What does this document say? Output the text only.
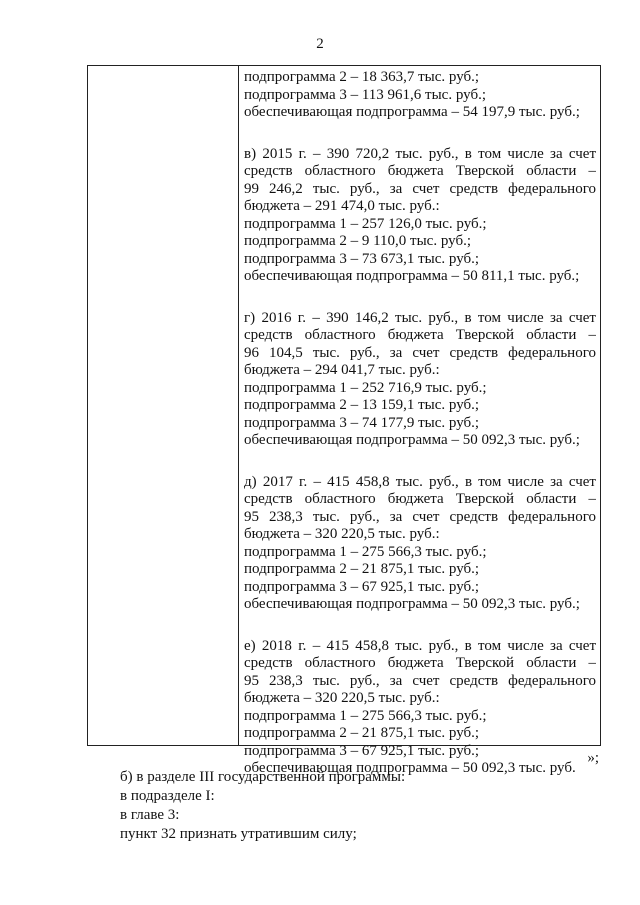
2
подпрограмма 2 – 18 363,7 тыс. руб.;
подпрограмма 3 – 113 961,6 тыс. руб.;
обеспечивающая подпрограмма – 54 197,9 тыс. руб.;
в) 2015 г. – 390 720,2 тыс. руб., в том числе за счет
средств областного бюджета Тверской области –
99 246,2 тыс. руб., за счет средств федерального
бюджета – 291 474,0 тыс. руб.:
подпрограмма 1 – 257 126,0 тыс. руб.;
подпрограмма 2 – 9 110,0 тыс. руб.;
подпрограмма 3 – 73 673,1 тыс. руб.;
обеспечивающая подпрограмма – 50 811,1 тыс. руб.;
г) 2016 г. – 390 146,2 тыс. руб., в том числе за счет
средств областного бюджета Тверской области –
96 104,5 тыс. руб., за счет средств федерального
бюджета – 294 041,7 тыс. руб.:
подпрограмма 1 – 252 716,9 тыс. руб.;
подпрограмма 2 – 13 159,1 тыс. руб.;
подпрограмма 3 – 74 177,9 тыс. руб.;
обеспечивающая подпрограмма – 50 092,3 тыс. руб.;
д) 2017 г. – 415 458,8 тыс. руб., в том числе за счет
средств областного бюджета Тверской области –
95 238,3 тыс. руб., за счет средств федерального
бюджета – 320 220,5 тыс. руб.:
подпрограмма 1 – 275 566,3 тыс. руб.;
подпрограмма 2 – 21 875,1 тыс. руб.;
подпрограмма 3 – 67 925,1 тыс. руб.;
обеспечивающая подпрограмма – 50 092,3 тыс. руб.;
е) 2018 г. – 415 458,8 тыс. руб., в том числе за счет
средств областного бюджета Тверской области –
95 238,3 тыс. руб., за счет средств федерального
бюджета – 320 220,5 тыс. руб.:
подпрограмма 1 – 275 566,3 тыс. руб.;
подпрограмма 2 – 21 875,1 тыс. руб.;
подпрограмма 3 – 67 925,1 тыс. руб.;
обеспечивающая подпрограмма – 50 092,3 тыс. руб.
»;
б) в разделе III государственной программы:
в подразделе I:
в главе 3:
пункт 32 признать утратившим силу;
